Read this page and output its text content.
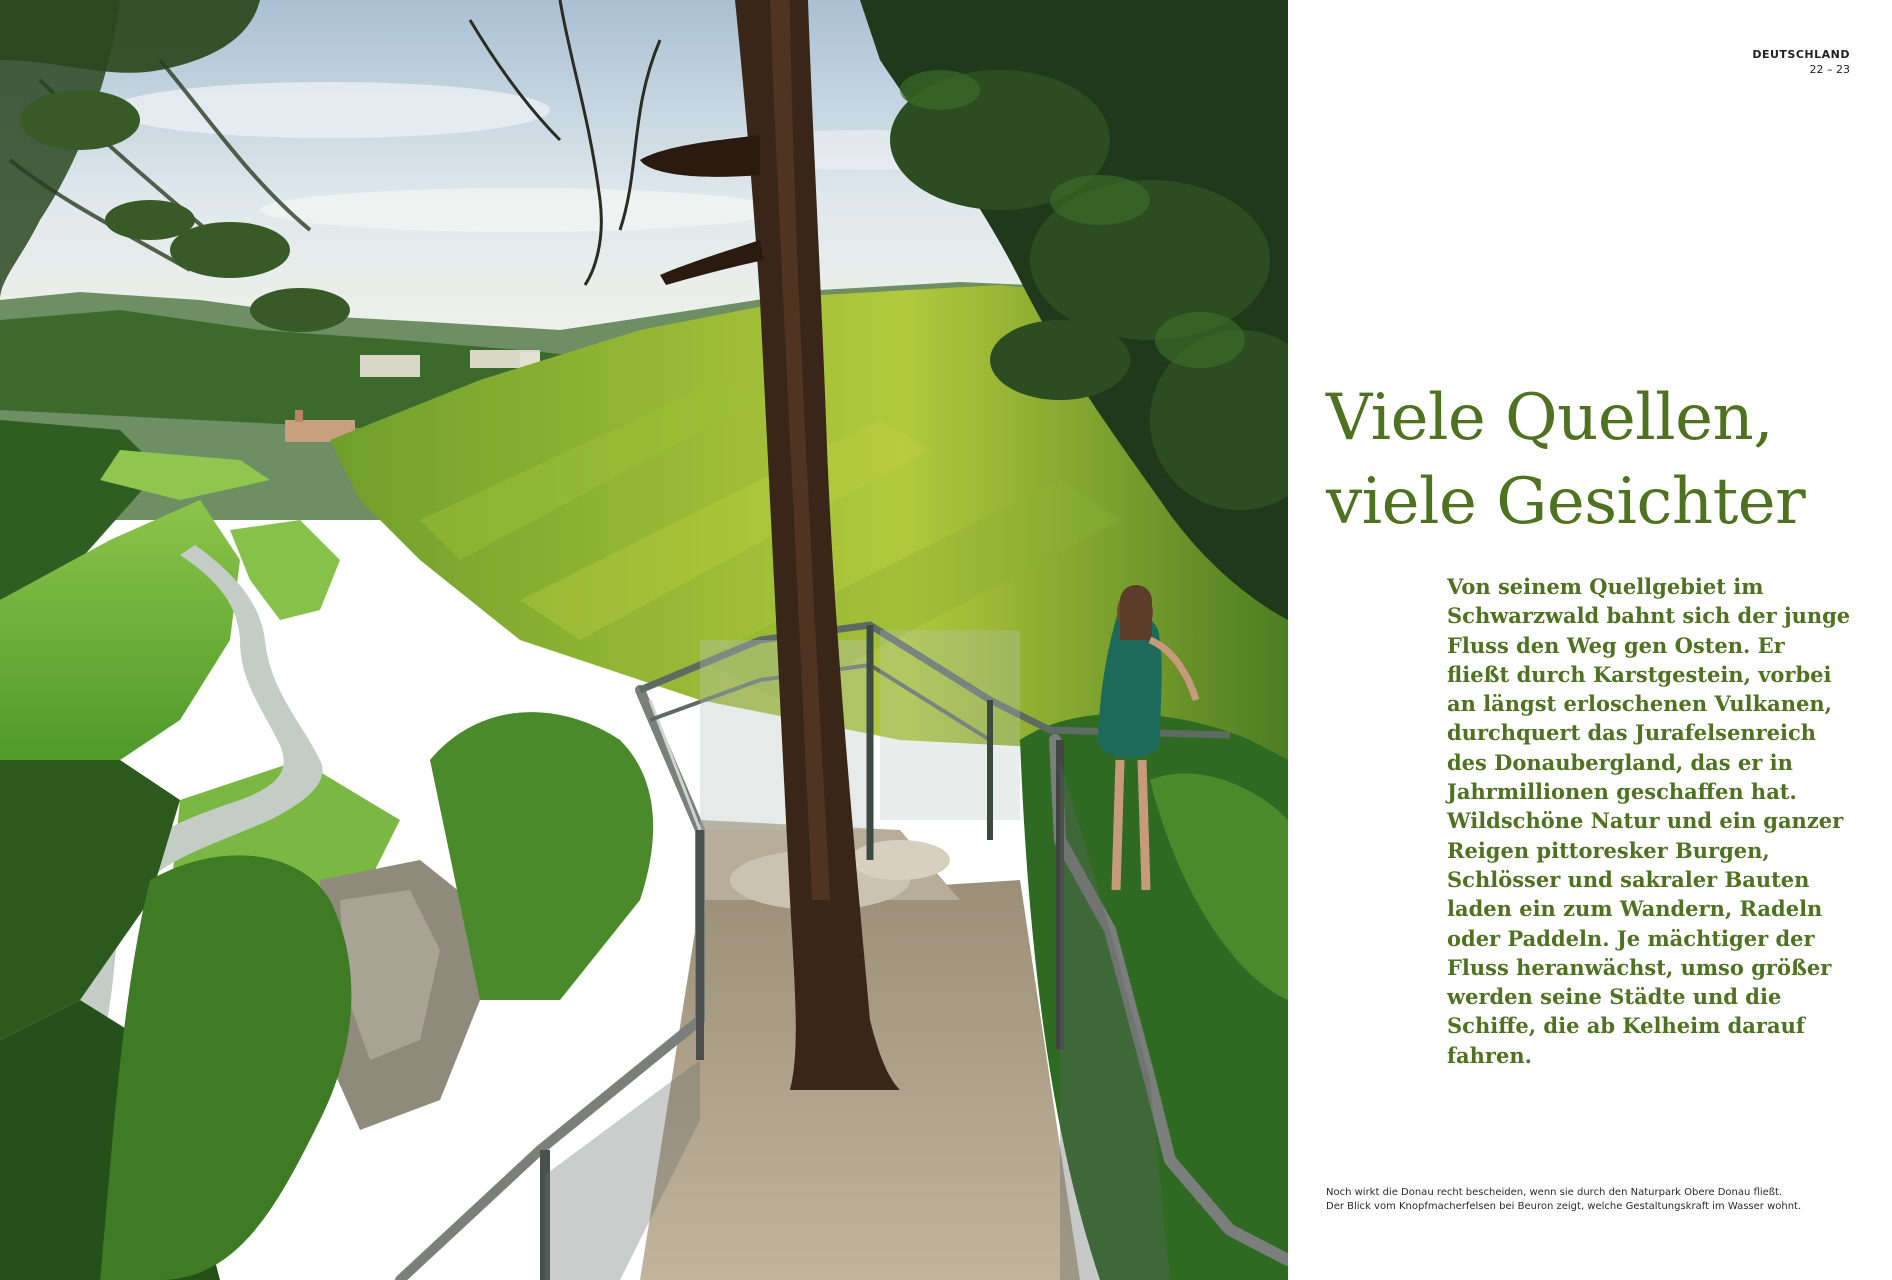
DEUTSCHLAND
22 – 23
Viele Quellen,
viele Gesichter
Von seinem Quellgebiet im
Schwarzwald bahnt sich der junge
Fluss den Weg gen Osten. Er
fließt durch Karstgestein, vorbei
an längst erloschenen Vulkanen,
durchquert das Jurafelsenreich
des Donaubergland, das er in
Jahrmillionen geschaffen hat.
Wildschöne Natur und ein ganzer
Reigen pittoresker Burgen,
Schlösser und sakraler Bauten
laden ein zum Wandern, Radeln
oder Paddeln. Je mächtiger der
Fluss heranwächst, umso größer
werden seine Städte und die
Schiffe, die ab Kelheim darauf
fahren.
Noch wirkt die Donau recht bescheiden, wenn sie durch den Naturpark Obere Donau fließt.
Der Blick vom Knopfmacherfelsen bei Beuron zeigt, welche Gestaltungskraft im Wasser wohnt.
